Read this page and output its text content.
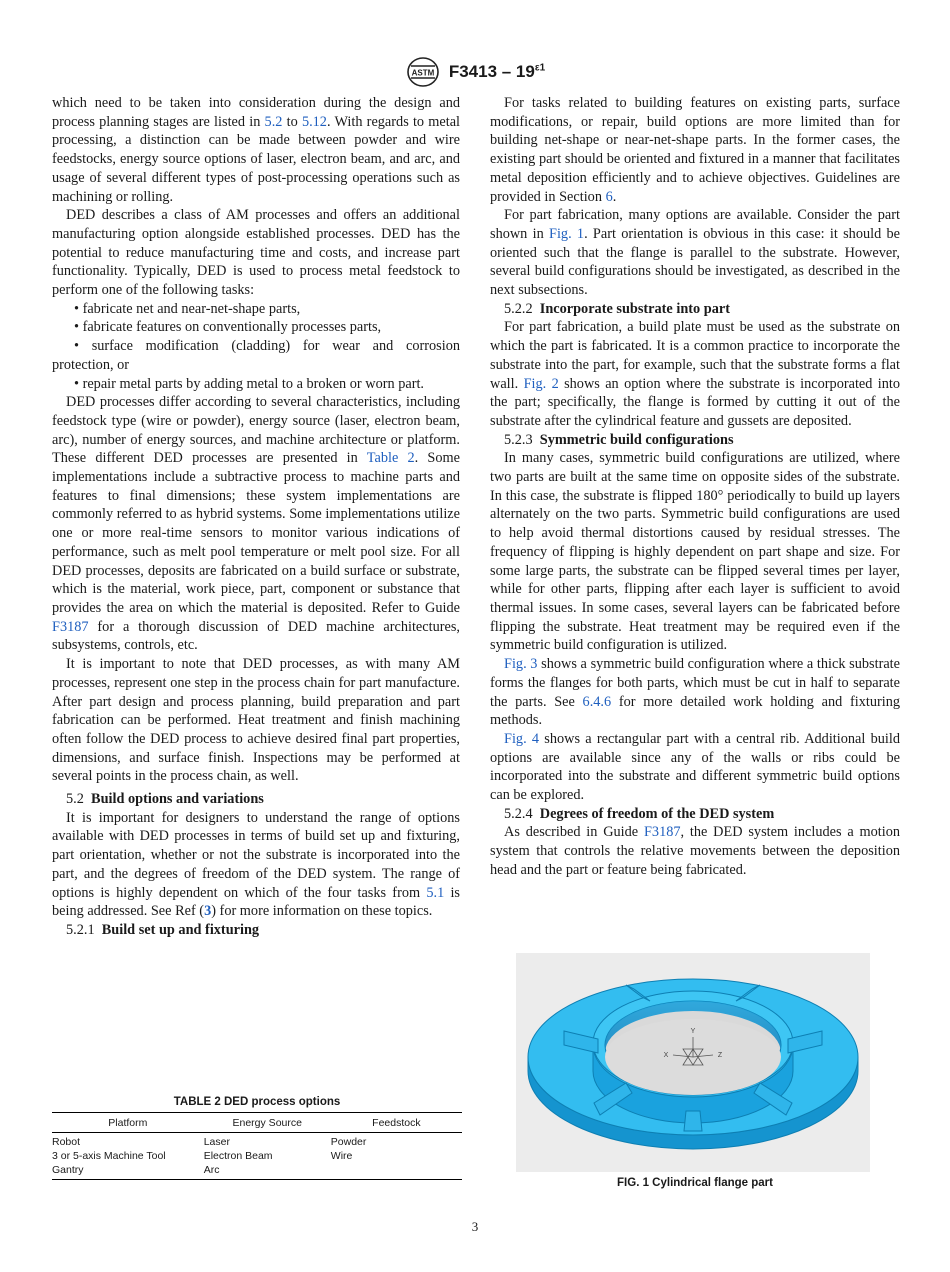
ASTM $F3413 - 19^{\varepsilon 1}$

which need to be taken into consideration during the design and process planning stages are listed in 5.2 to 5.12. With regards to metal processing, a distinction can be made between powder and wire feedstocks, energy source options of laser, electron beam, and arc, and usage of several different types of post-processing operations such as machining or rolling.

DED describes a class of AM processes and offers an additional manufacturing option alongside established processes. DED has the potential to reduce manufacturing time and costs, and increase part functionality. Typically, DED is used to process metal feedstock to perform one of the following tasks:

• fabricate net and near-net-shape parts,

• fabricate features on conventionally processes parts,

• surface modification (cladding) for wear and corrosion protection, or

• repair metal parts by adding metal to a broken or worn part.

DED processes differ according to several characteristics, including feedstock type (wire or powder), energy source (laser, electron beam, arc), number of energy sources, and machine architecture or platform. These different DED processes are presented in Table 2. Some implementations include a subtractive process to machine parts and features to final dimensions; these system implementations are commonly referred to as hybrid systems. Some implementations utilize one or more real-time sensors to monitor various indications of performance, such as melt pool temperature or melt pool size. For all DED processes, deposits are fabricated on a build surface or substrate, which is the material, work piece, part, component or substance that provides the area on which the material is deposited. Refer to Guide F3187 for a thorough discussion of DED machine architectures, subsystems, controls, etc.

It is important to note that DED processes, as with many AM processes, represent one step in the process chain for part manufacture. After part design and process planning, build preparation and part fabrication can be performed. Heat treatment and finish machining often follow the DED process to achieve desired final part properties, dimensions, and surface finish. Inspections may be performed at several points in the process chain, as well.

5.2 Build options and variations

It is important for designers to understand the range of options available with DED processes in terms of build set up and fixturing, part orientation, whether or not the substrate is incorporated into the part, and the degrees of freedom of the DED system. The range of options is highly dependent on which of the four tasks from 5.1 is being addressed. See Ref (3) for more information on these topics.

5.2.1 Build set up and fixturing

For tasks related to building features on existing parts, surface modifications, or repair, build options are more limited than for building net-shape or near-net-shape parts. In the former cases, the existing part should be oriented and fixtured in a manner that facilitates metal deposition efficiently and to achieve objectives. Guidelines are provided in Section 6.

For part fabrication, many options are available. Consider the part shown in Fig. 1. Part orientation is obvious in this case: it should be oriented such that the flange is parallel to the substrate. However, several build configurations should be investigated, as described in the next subsections.

5.2.2 Incorporate substrate into part

For part fabrication, a build plate must be used as the substrate on which the part is fabricated. It is a common practice to incorporate the substrate into the part, for example, such that the substrate forms a flat wall. Fig. 2 shows an option where the substrate is incorporated into the part; specifically, the flange is formed by cutting it out of the substrate after the cylindrical feature and gussets are deposited.

5.2.3 Symmetric build configurations

In many cases, symmetric build configurations are utilized, where two parts are built at the same time on opposite sides of the substrate. In this case, the substrate is flipped 180° periodically to build up layers alternately on the two parts. Symmetric build configurations are used to help avoid thermal distortions caused by residual stresses. The frequency of flipping is highly dependent on part shape and size. For some large parts, the substrate can be flipped several times per layer, while for other parts, flipping after each layer is sufficient to avoid thermal issues. In some cases, several layers can be fabricated before flipping the substrate. Heat treatment may be required even if the symmetric build configuration is utilized.

Fig. 3 shows a symmetric build configuration where a thick substrate forms the flanges for both parts, which must be cut in half to separate the parts. See 6.4.6 for more detailed work holding and fixturing methods.

Fig. 4 shows a rectangular part with a central rib. Additional build options are available since any of the walls or ribs could be incorporated into the substrate and different symmetric build options can be explored.

5.2.4 Degrees of freedom of the DED system

As described in Guide F3187, the DED system includes a motion system that controls the relative movements between the deposition head and the part or feature being fabricated.

TABLE 2 DED process options
Platform	Energy Source	Feedstock
Robot	Laser	Powder
3 or 5-axis Machine Tool	Electron Beam	Wire
Gantry	Arc	
Y
X	Z
FIG. 1 Cylindrical flange part
3
